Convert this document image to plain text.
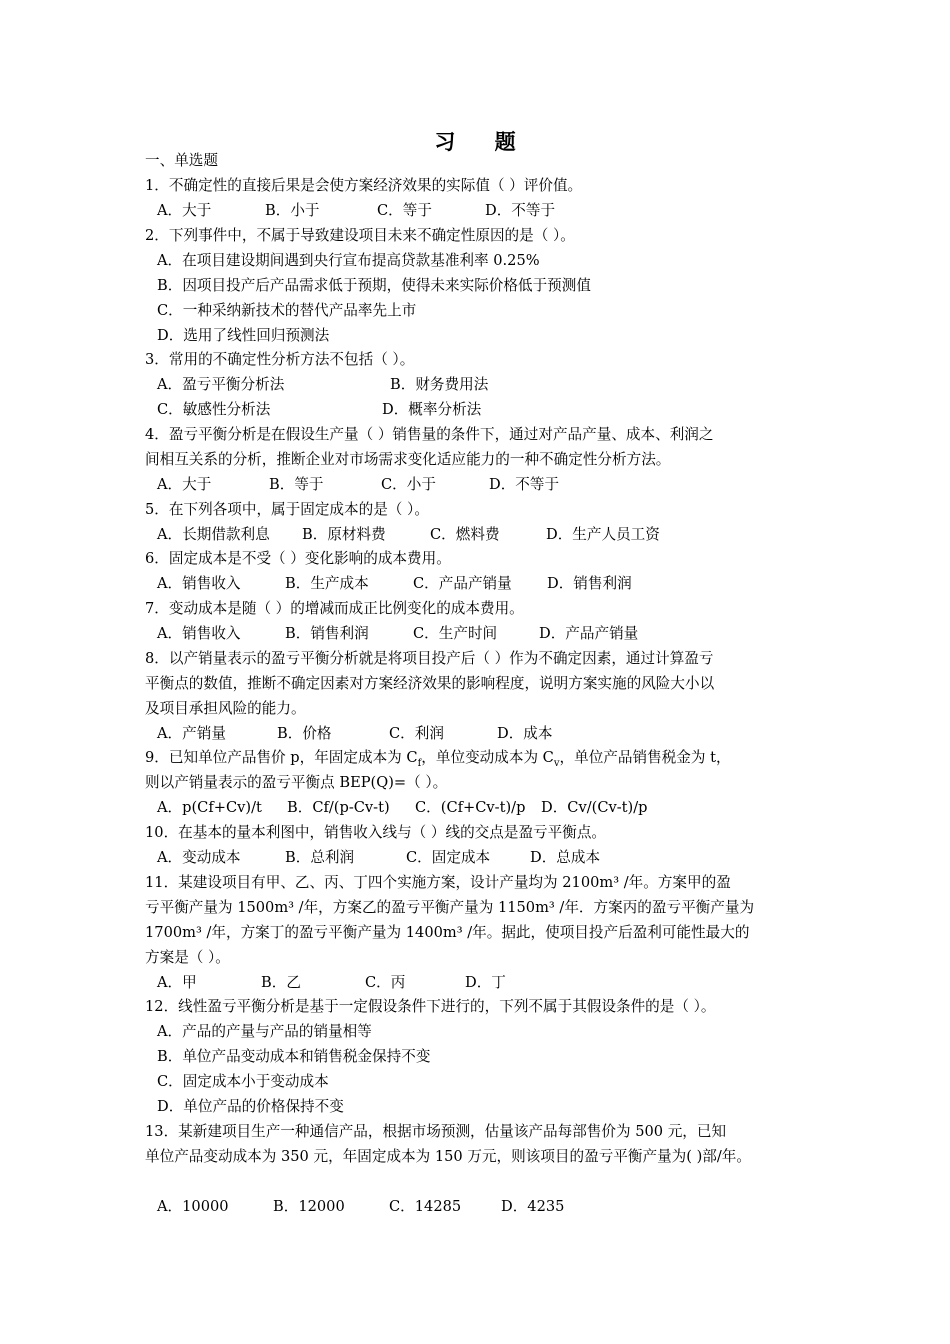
习 题
一、单选题
1．不确定性的直接后果是会使方案经济效果的实际值（ ）评价值。
A．大于	B．小于	C．等于	D．不等于
2．下列事件中，不属于导致建设项目未来不确定性原因的是（ ）。
A．在项目建设期间遇到央行宣布提高贷款基准利率 0.25%
B．因项目投产后产品需求低于预期，使得未来实际价格低于预测值
C．一种采纳新技术的替代产品率先上市
D．选用了线性回归预测法
3．常用的不确定性分析方法不包括（ ）。
A．盈亏平衡分析法	B．财务费用法
C．敏感性分析法	D．概率分析法
4．盈亏平衡分析是在假设生产量（ ）销售量的条件下，通过对产品产量、成本、利润之
间相互关系的分析，推断企业对市场需求变化适应能力的一种不确定性分析方法。
A．大于	B．等于	C．小于	D．不等于
5．在下列各项中，属于固定成本的是（ ）。
A．长期借款利息 B．原材料费	C．燃料费	D．生产人员工资
6．固定成本是不受（ ）变化影响的成本费用。
A．销售收入	B．生产成本	C．产品产销量 D．销售利润
7．变动成本是随（ ）的增减而成正比例变化的成本费用。
A．销售收入	B．销售利润	C．生产时间	D．产品产销量
8．以产销量表示的盈亏平衡分析就是将项目投产后（ ）作为不确定因素，通过计算盈亏
平衡点的数值，推断不确定因素对方案经济效果的影响程度，说明方案实施的风险大小以
及项目承担风险的能力。
A．产销量	B．价格	C．利润	D．成本
9．已知单位产品售价 p，年固定成本为 $C_f$，单位变动成本为 $C_v$，单位产品销售税金为 t，
则以产销量表示的盈亏平衡点 BEP(Q)=（ ）。
A．p(Cf+Cv)/t B．Cf/(p-Cv-t) C．(Cf+Cv-t)/p D．Cv/(Cv-t)/p
10．在基本的量本利图中，销售收入线与（ ）线的交点是盈亏平衡点。
A．变动成本	B．总利润	C．固定成本	D．总成本
11．某建设项目有甲、乙、丙、丁四个实施方案，设计产量均为 2100m³ /年。方案甲的盈
亏平衡产量为 1500m³ /年，方案乙的盈亏平衡产量为 1150m³ /年．方案丙的盈亏平衡产量为
1700m³ /年，方案丁的盈亏平衡产量为 1400m³ /年。据此，使项目投产后盈利可能性最大的
方案是（ ）。
A．甲	B．乙	C．丙	D．丁
12．线性盈亏平衡分析是基于一定假设条件下进行的，下列不属于其假设条件的是（ ）。
A．产品的产量与产品的销量相等
B．单位产品变动成本和销售税金保持不变
C．固定成本小于变动成本
D．单位产品的价格保持不变
13．某新建项目生产一种通信产品，根据市场预测，估量该产品每部售价为 500 元，已知
单位产品变动成本为 350 元，年固定成本为 150 万元，则该项目的盈亏平衡产量为( )部/年。
A．10000	B．12000	C．14285	D．4235
